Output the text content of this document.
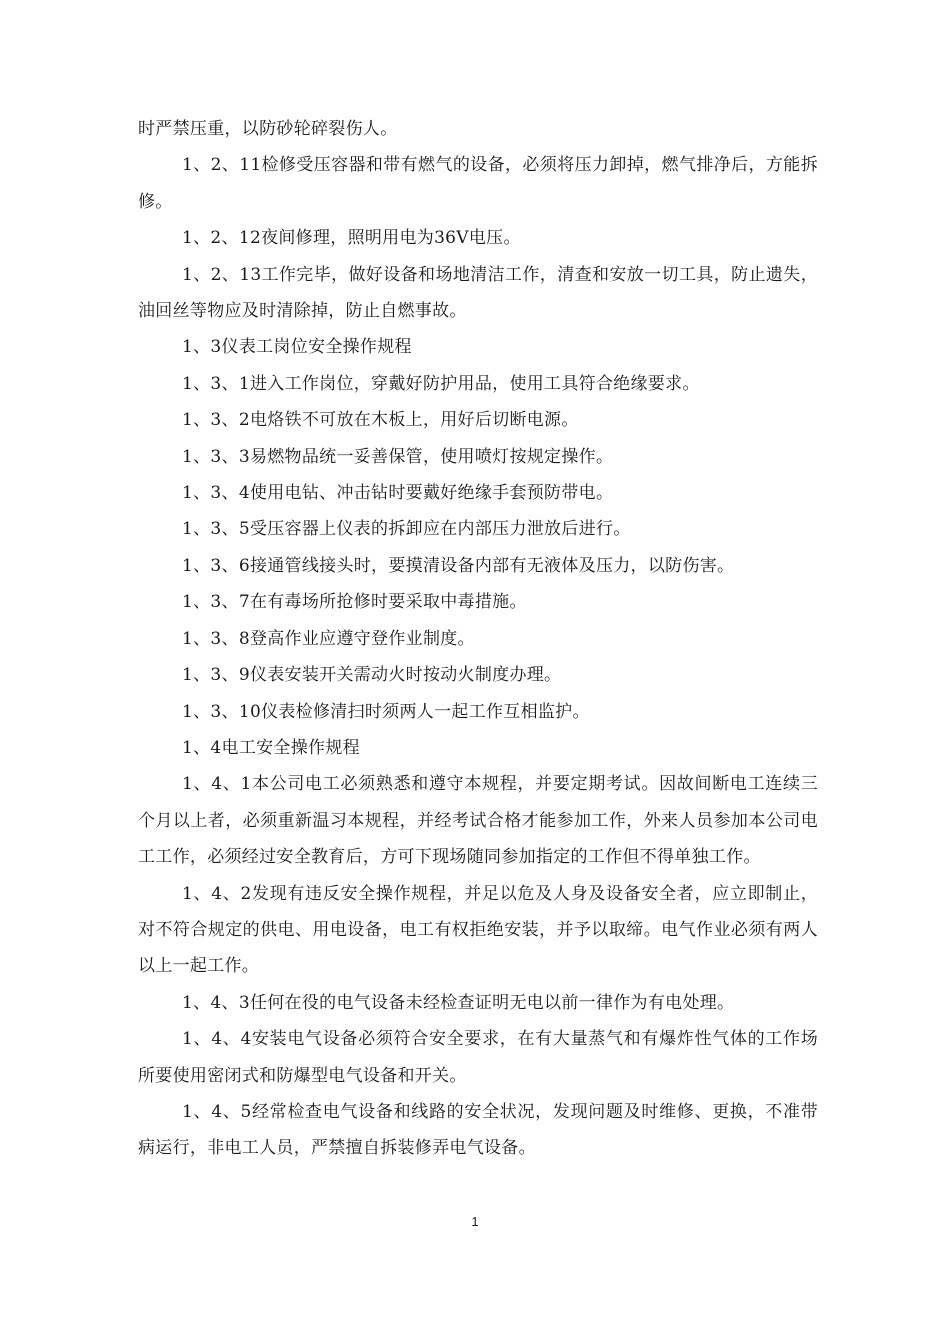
时严禁压重，以防砂轮碎裂伤人。

1、2、11检修受压容器和带有燃气的设备，必须将压力卸掉，燃气排净后，方能拆修。

1、2、12夜间修理，照明用电为36V电压。

1、2、13工作完毕，做好设备和场地清洁工作，清查和安放一切工具，防止遗失，油回丝等物应及时清除掉，防止自燃事故。

1、3仪表工岗位安全操作规程

1、3、1进入工作岗位，穿戴好防护用品，使用工具符合绝缘要求。

1、3、2电烙铁不可放在木板上，用好后切断电源。

1、3、3易燃物品统一妥善保管，使用喷灯按规定操作。

1、3、4使用电钻、冲击钻时要戴好绝缘手套预防带电。

1、3、5受压容器上仪表的拆卸应在内部压力泄放后进行。

1、3、6接通管线接头时，要摸清设备内部有无液体及压力，以防伤害。

1、3、7在有毒场所抢修时要采取中毒措施。

1、3、8登高作业应遵守登作业制度。

1、3、9仪表安装开关需动火时按动火制度办理。

1、3、10仪表检修清扫时须两人一起工作互相监护。

1、4电工安全操作规程

1、4、1本公司电工必须熟悉和遵守本规程，并要定期考试。因故间断电工连续三个月以上者，必须重新温习本规程，并经考试合格才能参加工作，外来人员参加本公司电工工作，必须经过安全教育后，方可下现场随同参加指定的工作但不得单独工作。

1、4、2发现有违反安全操作规程，并足以危及人身及设备安全者，应立即制止，对不符合规定的供电、用电设备，电工有权拒绝安装，并予以取缔。电气作业必须有两人以上一起工作。

1、4、3任何在役的电气设备未经检查证明无电以前一律作为有电处理。

1、4、4安装电气设备必须符合安全要求，在有大量蒸气和有爆炸性气体的工作场所要使用密闭式和防爆型电气设备和开关。

1、4、5经常检查电气设备和线路的安全状况，发现问题及时维修、更换，不准带病运行，非电工人员，严禁擅自拆装修弄电气设备。

1
